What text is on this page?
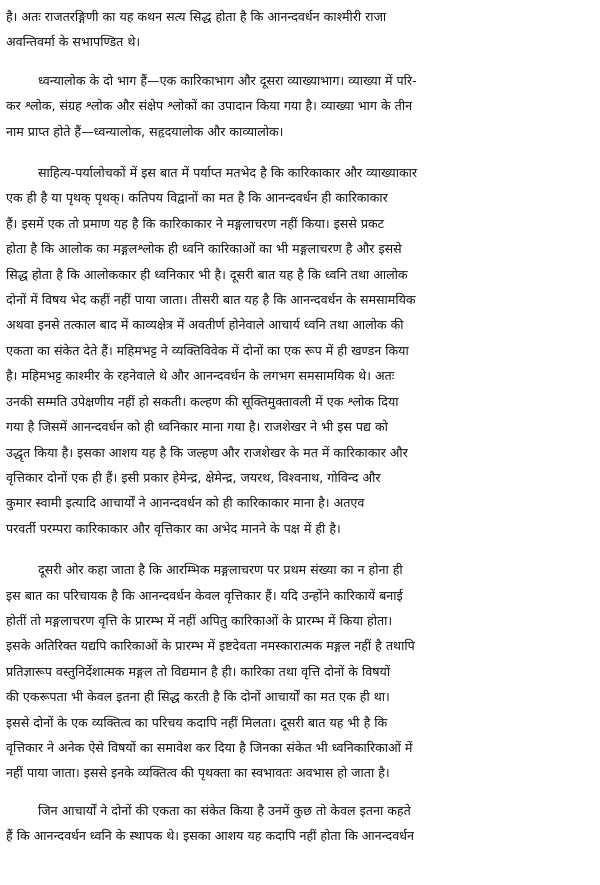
है। अतः राजतरङ्गिणी का यह कथन सत्य सिद्ध होता है कि आनन्दवर्धन काश्मीरी राजा
अवन्तिवर्मा के सभापण्डित थे।

ध्वन्यालोक के दो भाग हैं—एक कारिकाभाग और दूसरा व्याख्याभाग। व्याख्या में परि-
कर श्लोक, संग्रह श्लोक और संक्षेप श्लोकों का उपादान किया गया है। व्याख्या भाग के तीन
नाम प्राप्त होते हैं—ध्वन्यालोक, सहृदयालोक और काव्यालोक।

साहित्य-पर्यालोचकों में इस बात में पर्याप्त मतभेद है कि कारिकाकार और व्याख्याकार
एक ही है या पृथक् पृथक्। कतिपय विद्वानों का मत है कि आनन्दवर्धन ही कारिकाकार
हैं। इसमें एक तो प्रमाण यह है कि कारिकाकार ने मङ्गलाचरण नहीं किया। इससे प्रकट
होता है कि आलोक का मङ्गलश्लोक ही ध्वनि कारिकाओं का भी मङ्गलाचरण है और इससे
सिद्ध होता है कि आलोककार ही ध्वनिकार भी है। दूसरी बात यह है कि ध्वनि तथा आलोक
दोनों में विषय भेद कहीं नहीं पाया जाता। तीसरी बात यह है कि आनन्दवर्धन के समसामयिक
अथवा इनसे तत्काल बाद में काव्यक्षेत्र में अवतीर्ण होनेवाले आचार्य ध्वनि तथा आलोक की
एकता का संकेत देते हैं। महिमभट्ट ने व्यक्तिविवेक में दोनों का एक रूप में ही खण्डन किया
है। महिमभट्ट काश्मीर के रहनेवाले थे और आनन्दवर्धन के लगभग समसामयिक थे। अतः
उनकी सम्मति उपेक्षणीय नहीं हो सकती। कल्हण की सूक्तिमुक्तावली में एक श्लोक दिया
गया है जिसमें आनन्दवर्धन को ही ध्वनिकार माना गया है। राजशेखर ने भी इस पद्य को
उद्धृत किया है। इसका आशय यह है कि जल्हण और राजशेखर के मत में कारिकाकार और
वृत्तिकार दोनों एक ही हैं। इसी प्रकार हेमेन्द्र, क्षेमेन्द्र, जयरथ, विश्वनाथ, गोविन्द और
कुमार स्वामी इत्यादि आचार्यों ने आनन्दवर्धन को ही कारिकाकार माना है। अतएव
परवर्ती परम्परा कारिकाकार और वृत्तिकार का अभेद मानने के पक्ष में ही है।

दूसरी ओर कहा जाता है कि आरम्भिक मङ्गलाचरण पर प्रथम संख्या का न होना ही
इस बात का परिचायक है कि आनन्दवर्धन केवल वृत्तिकार हैं। यदि उन्होंने कारिकायें बनाई
होतीं तो मङ्गलाचरण वृत्ति के प्रारम्भ में नहीं अपितु कारिकाओं के प्रारम्भ में किया होता।
इसके अतिरिक्त यद्यपि कारिकाओं के प्रारम्भ में इष्टदेवता नमस्कारात्मक मङ्गल नहीं है तथापि
प्रतिज्ञारूप वस्तुनिर्देशात्मक मङ्गल तो विद्यमान है ही। कारिका तथा वृत्ति दोनों के विषयों
की एकरूपता भी केवल इतना ही सिद्ध करती है कि दोनों आचार्यों का मत एक ही था।
इससे दोनों के एक व्यक्तित्व का परिचय कदापि नहीं मिलता। दूसरी बात यह भी है कि
वृत्तिकार ने अनेक ऐसे विषयों का समावेश कर दिया है जिनका संकेत भी ध्वनिकारिकाओं में
नहीं पाया जाता। इससे इनके व्यक्तित्व की पृथक्ता का स्वभावतः अवभास हो जाता है।

जिन आचार्यों ने दोनों की एकता का संकेत किया है उनमें कुछ तो केवल इतना कहते
हैं कि आनन्दवर्धन ध्वनि के स्थापक थे। इसका आशय यह कदापि नहीं होता कि आनन्दवर्धन
